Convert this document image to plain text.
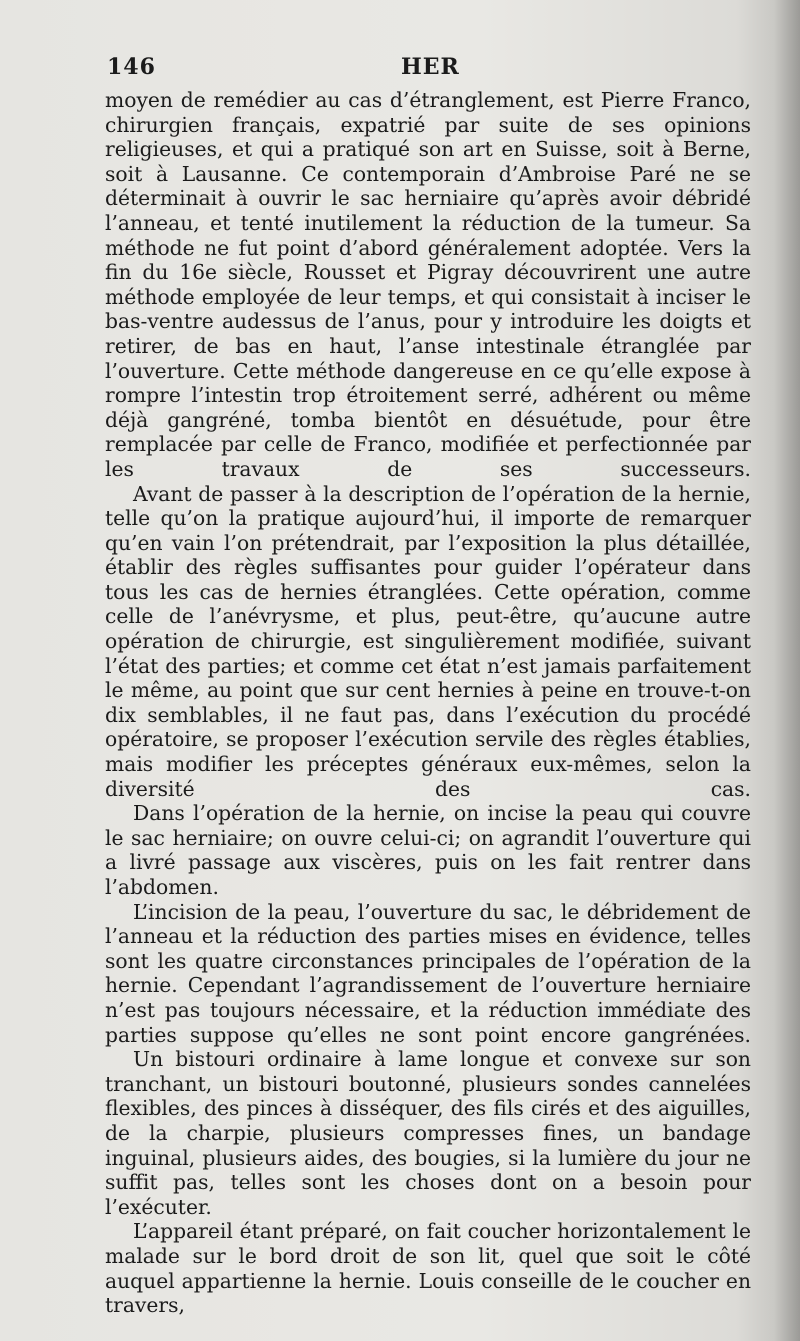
146	HER

moyen de remédier au cas d’étranglement, est Pierre Franco, chirurgien français, expatrié par suite de ses opinions religieuses, et qui a pratiqué son art en Suisse, soit à Berne, soit à Lausanne. Ce contemporain d’Ambroise Paré ne se déterminait à ouvrir le sac herniaire qu’après avoir débridé l’anneau, et tenté inutilement la réduction de la tumeur. Sa méthode ne fut point d’abord généralement adoptée. Vers la fin du 16e siècle, Rousset et Pigray découvrirent une autre méthode employée de leur temps, et qui consistait à inciser le bas-ventre audessus de l’anus, pour y introduire les doigts et retirer, de bas en haut, l’anse intestinale étranglée par l’ouverture. Cette méthode dangereuse en ce qu’elle expose à rompre l’intestin trop étroitement serré, adhérent ou même déjà gangréné, tomba bientôt en désuétude, pour être remplacée par celle de Franco, modifiée et perfectionnée par les travaux de ses successeurs.

Avant de passer à la description de l’opération de la hernie, telle qu’on la pratique aujourd’hui, il importe de remarquer qu’en vain l’on prétendrait, par l’exposition la plus détaillée, établir des règles suffisantes pour guider l’opérateur dans tous les cas de hernies étranglées. Cette opération, comme celle de l’anévrysme, et plus, peut-être, qu’aucune autre opération de chirurgie, est singulièrement modifiée, suivant l’état des parties; et comme cet état n’est jamais parfaitement le même, au point que sur cent hernies à peine en trouve-t-on dix semblables, il ne faut pas, dans l’exécution du procédé opératoire, se proposer l’exécution servile des règles établies, mais modifier les préceptes généraux eux-mêmes, selon la diversité des cas.

Dans l’opération de la hernie, on incise la peau qui couvre le sac herniaire; on ouvre celui-ci; on agrandit l’ouverture qui a livré passage aux viscères, puis on les fait rentrer dans l’abdomen.

L’incision de la peau, l’ouverture du sac, le débridement de l’anneau et la réduction des parties mises en évidence, telles sont les quatre circonstances principales de l’opération de la hernie. Cependant l’agrandissement de l’ouverture herniaire n’est pas toujours nécessaire, et la réduction immédiate des parties suppose qu’elles ne sont point encore gangrénées.

Un bistouri ordinaire à lame longue et convexe sur son tranchant, un bistouri boutonné, plusieurs sondes cannelées flexibles, des pinces à disséquer, des fils cirés et des aiguilles, de la charpie, plusieurs compresses fines, un bandage inguinal, plusieurs aides, des bougies, si la lumière du jour ne suffit pas, telles sont les choses dont on a besoin pour l’exécuter.

L’appareil étant préparé, on fait coucher horizontalement le malade sur le bord droit de son lit, quel que soit le côté auquel appartienne la hernie. Louis conseille de le coucher en travers,
